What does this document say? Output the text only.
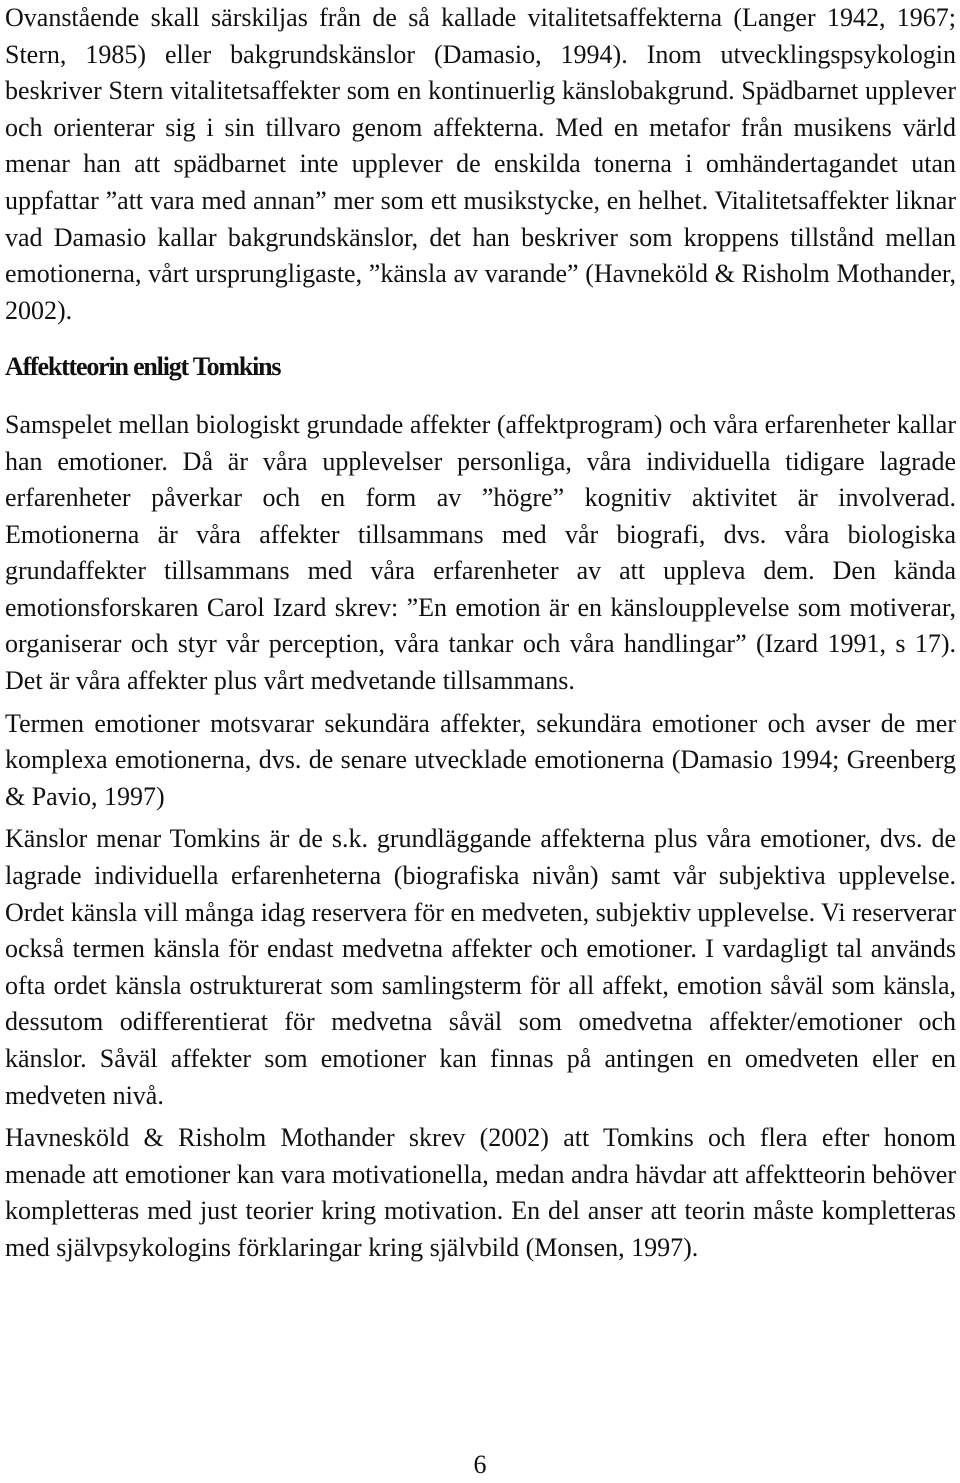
Ovanstående skall särskiljas från de så kallade vitalitetsaffekterna (Langer 1942, 1967; Stern, 1985) eller bakgrundskänslor (Damasio, 1994). Inom utvecklingspsykologin beskriver Stern vitalitetsaffekter som en kontinuerlig känslobakgrund. Spädbarnet upplever och orienterar sig i sin tillvaro genom affekterna. Med en metafor från musikens värld menar han att spädbarnet inte upplever de enskilda tonerna i omhändertagandet utan uppfattar ”att vara med annan” mer som ett musikstycke, en helhet. Vitalitetsaffekter liknar vad Damasio kallar bakgrundskänslor, det han beskriver som kroppens tillstånd mellan emotionerna, vårt ursprungligaste, ”känsla av varande” (Havneköld & Risholm Mothander, 2002).

Affektteorin enligt Tomkins

Samspelet mellan biologiskt grundade affekter (affektprogram) och våra erfarenheter kallar han emotioner. Då är våra upplevelser personliga, våra individuella tidigare lagrade erfarenheter påverkar och en form av ”högre” kognitiv aktivitet är involverad. Emotionerna är våra affekter tillsammans med vår biografi, dvs. våra biologiska grundaffekter tillsammans med våra erfarenheter av att uppleva dem. Den kända emotionsforskaren Carol Izard skrev: ”En emotion är en känsloupplevelse som motiverar, organiserar och styr vår perception, våra tankar och våra handlingar” (Izard 1991, s 17). Det är våra affekter plus vårt medvetande tillsammans.

Termen emotioner motsvarar sekundära affekter, sekundära emotioner och avser de mer komplexa emotionerna, dvs. de senare utvecklade emotionerna (Damasio 1994; Greenberg & Pavio, 1997)

Känslor menar Tomkins är de s.k. grundläggande affekterna plus våra emotioner, dvs. de lagrade individuella erfarenheterna (biografiska nivån) samt vår subjektiva upplevelse. Ordet känsla vill många idag reservera för en medveten, subjektiv upplevelse. Vi reserverar också termen känsla för endast medvetna affekter och emotioner. I vardagligt tal används ofta ordet känsla ostrukturerat som samlingsterm för all affekt, emotion såväl som känsla, dessutom odifferentierat för medvetna såväl som omedvetna affekter/emotioner och känslor. Såväl affekter som emotioner kan finnas på antingen en omedveten eller en medveten nivå.

Havnesköld & Risholm Mothander skrev (2002) att Tomkins och flera efter honom menade att emotioner kan vara motivationella, medan andra hävdar att affektteorin behöver kompletteras med just teorier kring motivation. En del anser att teorin måste kompletteras med självpsykologins förklaringar kring självbild (Monsen, 1997).

6
